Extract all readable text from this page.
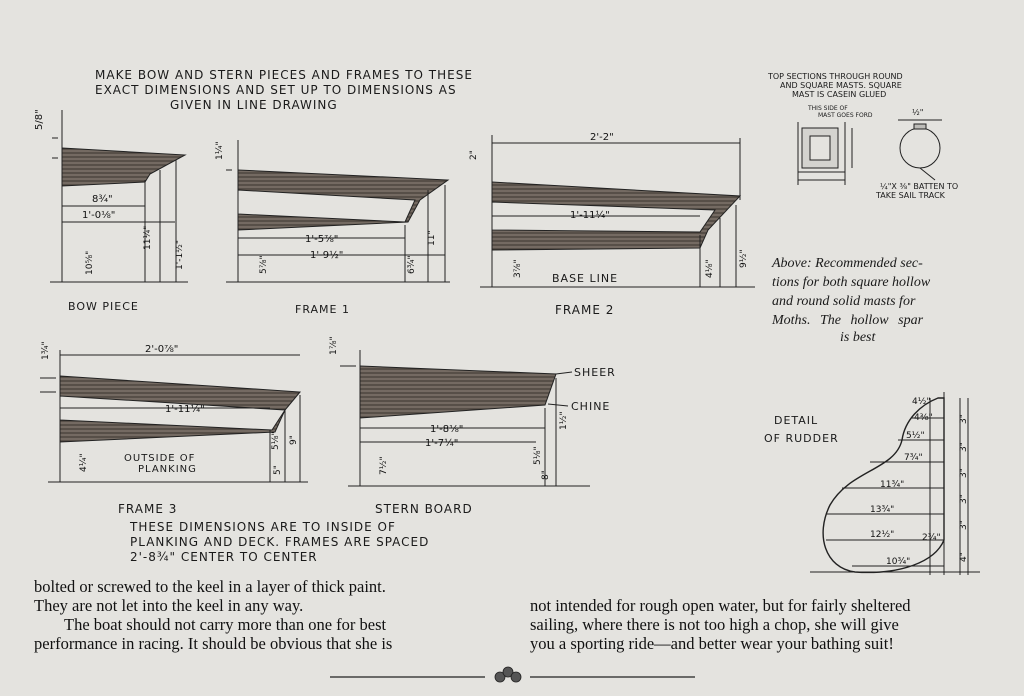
5/8"
8¾"
1'-0⅛"
10⅝"
11¼"
1'-1½"
1¼"
1'-5⅞"
1'-9½"
5⅞"	6¾"
11"
2'-2"
2"
1'-11¼"
3⅞"	4⅛"
9½"
2'-0⅞"
1'-11¼"
1¾"
4¼"
5⅛"
5"
9"
1⅞"
1'-8⅛"
1'-7¼"
7½"
5⅛"
8"
1½"
4½"
4⅜"
5½"
7¾"
11¾"
13¾"
12½"
10¾"
3"
3"
3"
3"
3"
4"
2¾"
MAKE BOW AND STERN PIECES AND FRAMES TO THESE
EXACT DIMENSIONS AND SET UP TO DIMENSIONS AS
GIVEN IN LINE DRAWING
TOP SECTIONS THROUGH ROUND
AND SQUARE MASTS. SQUARE
MAST IS CASEIN GLUED
THIS SIDE OF
MAST GOES FORD	½"
¼"X ⅜" BATTEN TO
TAKE SAIL TRACK
Above: Recommended sec-
tions for both square hollow
and round solid masts for
Moths. The hollow spar
is best
BOW PIECE	FRAME 1	FRAME 2
BASE LINE
OUTSIDE OF
PLANKING
FRAME 3	STERN BOARD
SHEER
CHINE
DETAIL
OF RUDDER
THESE DIMENSIONS ARE TO INSIDE OF
PLANKING AND DECK. FRAMES ARE SPACED
2'-8¾" CENTER TO CENTER
bolted or screwed to the keel in a layer of thick paint.
They are not let into the keel in any way.
The boat should not carry more than one for best
performance in racing. It should be obvious that she is
not intended for rough open water, but for fairly sheltered
sailing, where there is not too high a chop, she will give
you a sporting ride—and better wear your bathing suit!
